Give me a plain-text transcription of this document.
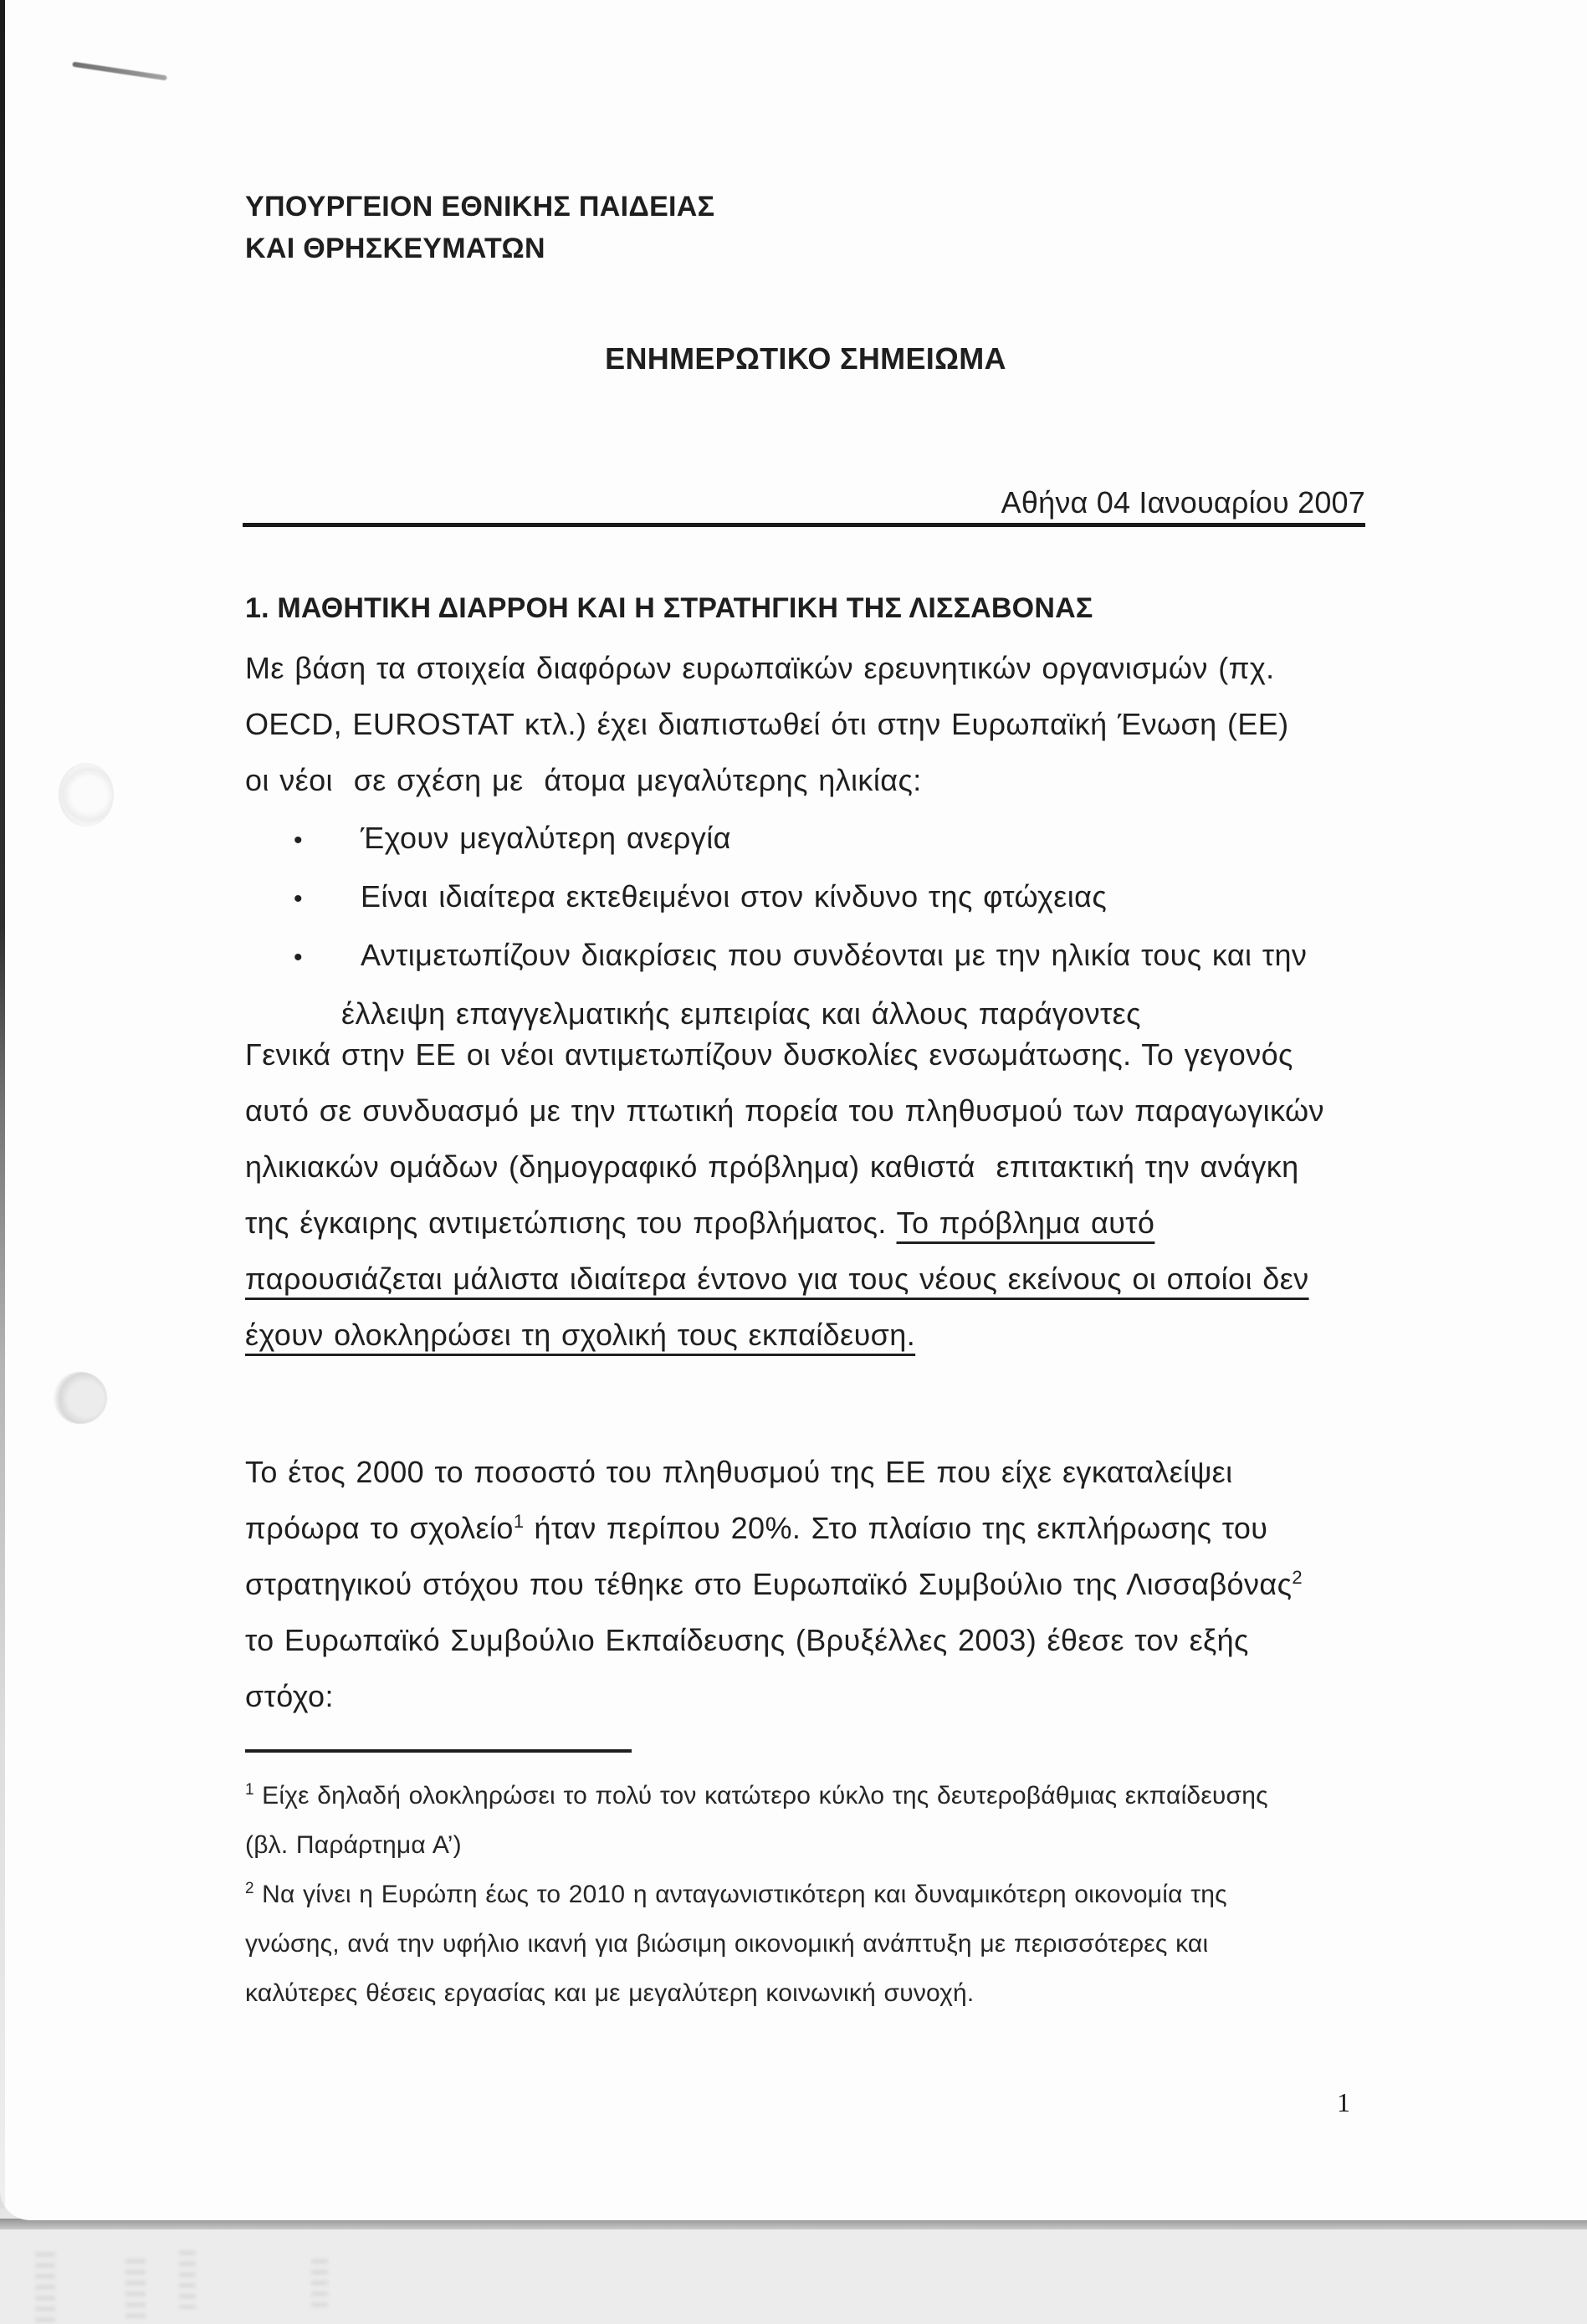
ΥΠΟΥΡΓΕΙΟΝ ΕΘΝΙΚΗΣ ΠΑΙΔΕΙΑΣ
ΚΑΙ ΘΡΗΣΚΕΥΜΑΤΩΝ
ΕΝΗΜΕΡΩΤΙΚΟ ΣΗΜΕΙΩΜΑ
Αθήνα 04 Ιανουαρίου 2007
1. ΜΑΘΗΤΙΚΗ ΔΙΑΡΡΟΗ ΚΑΙ Η ΣΤΡΑΤΗΓΙΚΗ ΤΗΣ ΛΙΣΣΑΒΟΝΑΣ
Με βάση τα στοιχεία διαφόρων ευρωπαϊκών ερευνητικών οργανισμών (πχ.
OECD, EUROSTAT κτλ.) έχει διαπιστωθεί ότι στην Ευρωπαϊκή Ένωση (ΕΕ)
οι νέοι  σε σχέση με  άτομα μεγαλύτερης ηλικίας:
• Έχουν μεγαλύτερη ανεργία
• Είναι ιδιαίτερα εκτεθειμένοι στον κίνδυνο της φτώχειας
• Αντιμετωπίζουν διακρίσεις που συνδέονται με την ηλικία τους και την
έλλειψη επαγγελματικής εμπειρίας και άλλους παράγοντες
Γενικά στην ΕΕ οι νέοι αντιμετωπίζουν δυσκολίες ενσωμάτωσης. Το γεγονός
αυτό σε συνδυασμό με την πτωτική πορεία του πληθυσμού των παραγωγικών
ηλικιακών ομάδων (δημογραφικό πρόβλημα) καθιστά  επιτακτική την ανάγκη
της έγκαιρης αντιμετώπισης του προβλήματος. Το πρόβλημα αυτό
παρουσιάζεται μάλιστα ιδιαίτερα έντονο για τους νέους εκείνους οι οποίοι δεν
έχουν ολοκληρώσει τη σχολική τους εκπαίδευση.
Το έτος 2000 το ποσοστό του πληθυσμού της ΕΕ που είχε εγκαταλείψει
πρόωρα το σχολείο$^1$ ήταν περίπου 20%. Στο πλαίσιο της εκπλήρωσης του
στρατηγικού στόχου που τέθηκε στο Ευρωπαϊκό Συμβούλιο της Λισσαβόνας$^2$
το Ευρωπαϊκό Συμβούλιο Εκπαίδευσης (Βρυξέλλες 2003) έθεσε τον εξής
στόχο:
$^1$ Είχε δηλαδή ολοκληρώσει το πολύ τον κατώτερο κύκλο της δευτεροβάθμιας εκπαίδευσης
(βλ. Παράρτημα Α’)
$^2$ Να γίνει η Ευρώπη έως το 2010 η ανταγωνιστικότερη και δυναμικότερη οικονομία της
γνώσης, ανά την υφήλιο ικανή για βιώσιμη οικονομική ανάπτυξη με περισσότερες και
καλύτερες θέσεις εργασίας και με μεγαλύτερη κοινωνική συνοχή.
1
